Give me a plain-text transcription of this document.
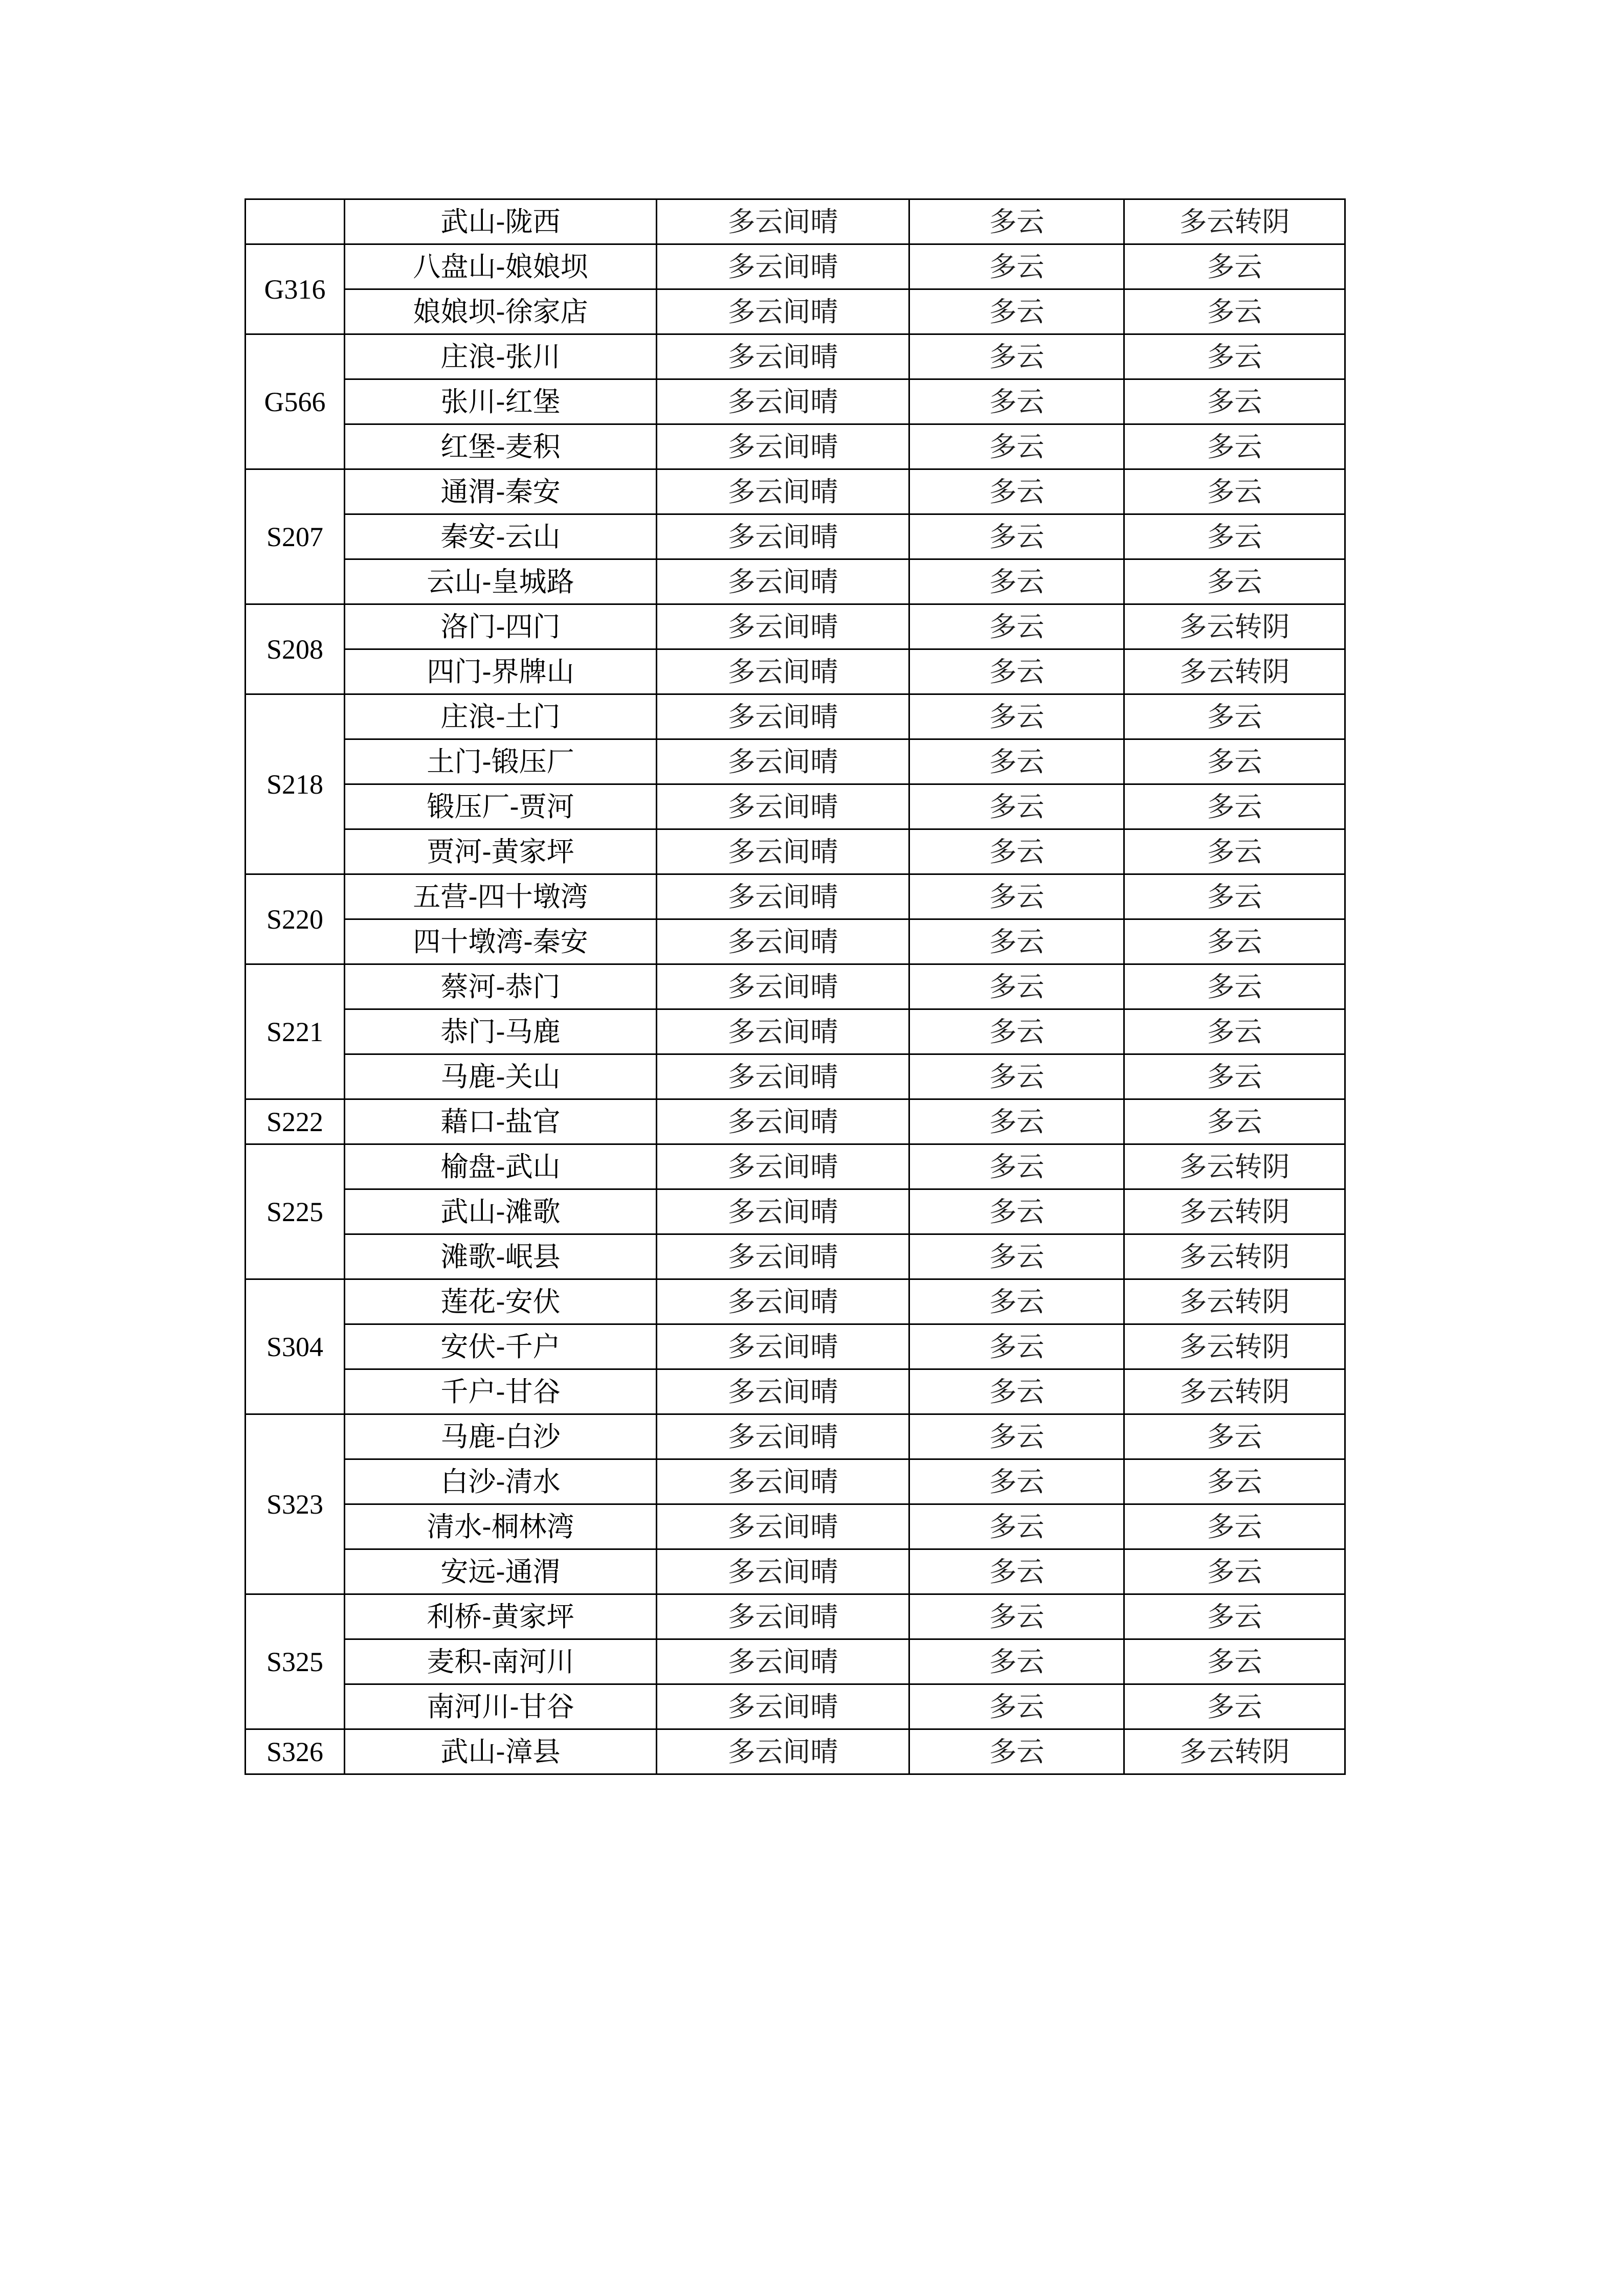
	武山-陇西	多云间晴	多云	多云转阴
G316	八盘山-娘娘坝	多云间晴	多云	多云
	娘娘坝-徐家店	多云间晴	多云	多云
G566	庄浪-张川	多云间晴	多云	多云
	张川-红堡	多云间晴	多云	多云
	红堡-麦积	多云间晴	多云	多云
S207	通渭-秦安	多云间晴	多云	多云
	秦安-云山	多云间晴	多云	多云
	云山-皇城路	多云间晴	多云	多云
S208	洛门-四门	多云间晴	多云	多云转阴
	四门-界牌山	多云间晴	多云	多云转阴
S218	庄浪-土门	多云间晴	多云	多云
	土门-锻压厂	多云间晴	多云	多云
	锻压厂-贾河	多云间晴	多云	多云
	贾河-黄家坪	多云间晴	多云	多云
S220	五营-四十墩湾	多云间晴	多云	多云
	四十墩湾-秦安	多云间晴	多云	多云
S221	蔡河-恭门	多云间晴	多云	多云
	恭门-马鹿	多云间晴	多云	多云
	马鹿-关山	多云间晴	多云	多云
S222	藉口-盐官	多云间晴	多云	多云
S225	榆盘-武山	多云间晴	多云	多云转阴
	武山-滩歌	多云间晴	多云	多云转阴
	滩歌-岷县	多云间晴	多云	多云转阴
S304	莲花-安伏	多云间晴	多云	多云转阴
	安伏-千户	多云间晴	多云	多云转阴
	千户-甘谷	多云间晴	多云	多云转阴
S323	马鹿-白沙	多云间晴	多云	多云
	白沙-清水	多云间晴	多云	多云
	清水-桐林湾	多云间晴	多云	多云
	安远-通渭	多云间晴	多云	多云
S325	利桥-黄家坪	多云间晴	多云	多云
	麦积-南河川	多云间晴	多云	多云
	南河川-甘谷	多云间晴	多云	多云
S326	武山-漳县	多云间晴	多云	多云转阴
